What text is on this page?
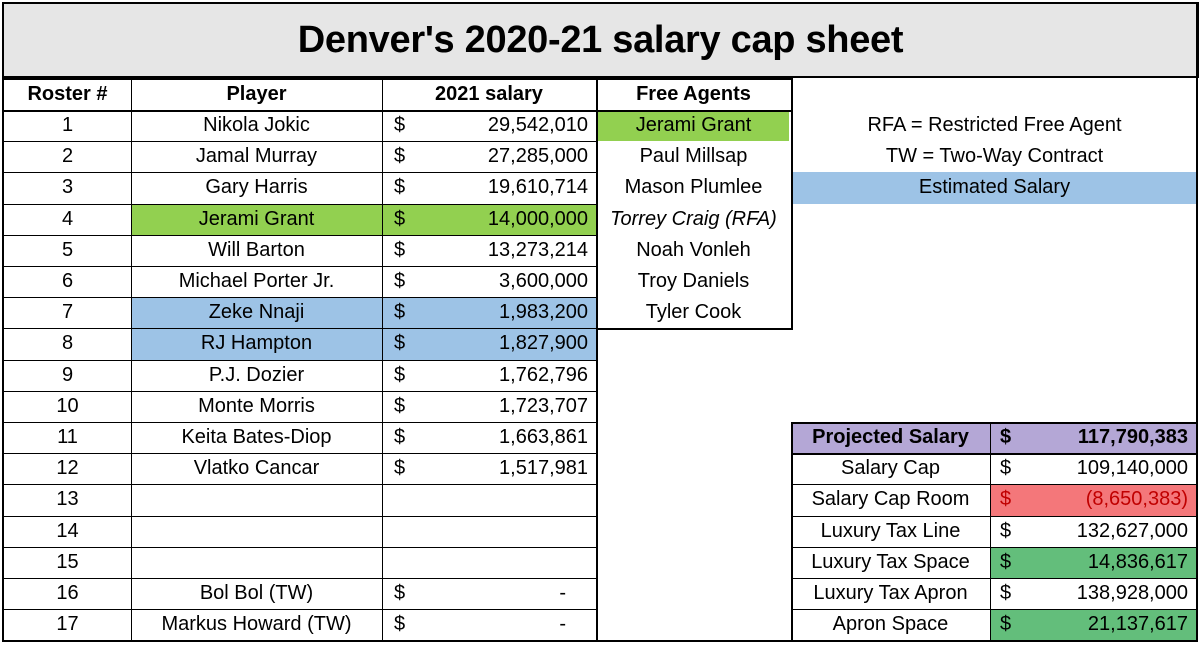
Denver's 2020-21 salary cap sheet
Roster #	Player	2021 salary	Free Agents
1	Nikola Jokic	$	29,542,010
2	Jamal Murray	$	27,285,000
3	Gary Harris	$	19,610,714
4	Jerami Grant	$	14,000,000
5	Will Barton	$	13,273,214
6	Michael Porter Jr.	$	3,600,000
7	Zeke Nnaji	$	1,983,200
8	RJ Hampton	$	1,827,900
9	P.J. Dozier	$	1,762,796
10	Monte Morris	$	1,723,707
11	Keita Bates-Diop	$	1,663,861
12	Vlatko Cancar	$	1,517,981
13
14
15
16	Bol Bol (TW)	$	-
17	Markus Howard (TW)	$	-
Jerami Grant
Paul Millsap
Mason Plumlee
Torrey Craig (RFA)
Noah Vonleh
Troy Daniels
Tyler Cook
RFA = Restricted Free Agent
TW = Two-Way Contract
Estimated Salary
Projected Salary	$	117,790,383
Salary Cap	$	109,140,000
Salary Cap Room	$	(8,650,383)
Luxury Tax Line	$	132,627,000
Luxury Tax Space	$	14,836,617
Luxury Tax Apron	$	138,928,000
Apron Space	$	21,137,617
